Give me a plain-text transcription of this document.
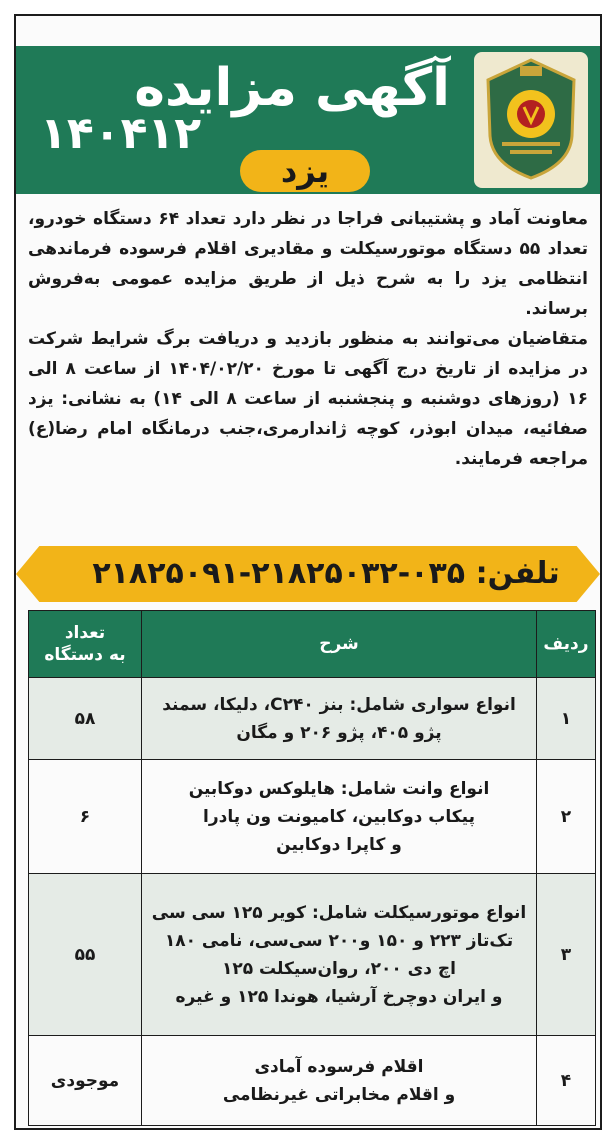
آگهی مزایده
۱۴۰۴۱۲
یزد

معاونت آماد و پشتیبانی فراجا در نظر دارد تعداد ۶۴ دستگاه خودرو، تعداد ۵۵ دستگاه موتورسیکلت و مقادیری اقلام فرسوده فرماندهی انتظامی یزد را به شرح ذیل از طریق مزایده عمومی به‌فروش برساند.

متقاضیان می‌توانند به منظور بازدید و دریافت برگ شرایط شرکت در مزایده از تاریخ درج آگهی تا مورخ ۱۴۰۴/۰۲/۲۰ از ساعت ۸ الی ۱۶ (روزهای دوشنبه و پنجشنبه از ساعت ۸ الی ۱۴) به نشانی: یزد صفائیه، میدان ابوذر، کوچه ژاندارمری،جنب درمانگاه امام رضا(ع) مراجعه فرمایند.

تلفن: ۰۳۵-۲۱۸۲۵۰۳۲-۲۱۸۲۵۰۹۱
ردیف	شرح	تعداد
به دستگاه
۱	انواع سواری شامل: بنز C۲۴۰، دلیکا، سمند
پژو ۴۰۵، پژو ۲۰۶ و مگان	۵۸
۲	انواع وانت شامل: هایلوکس دوکابین
پیکاب دوکابین، کامیونت ون پادرا
و کاپرا دوکابین	۶
۳	انواع موتورسیکلت شامل: کویر ۱۲۵ سی سی
تک‌تاز ۲۲۳ و ۱۵۰ و۲۰۰ سی‌سی، نامی ۱۸۰
اچ دی ۲۰۰، روان‌سیکلت ۱۲۵
و ایران دوچرخ آرشیا، هوندا ۱۲۵ و غیره	۵۵
۴	اقلام فرسوده آمادی
و اقلام مخابراتی غیرنظامی	موجودی
